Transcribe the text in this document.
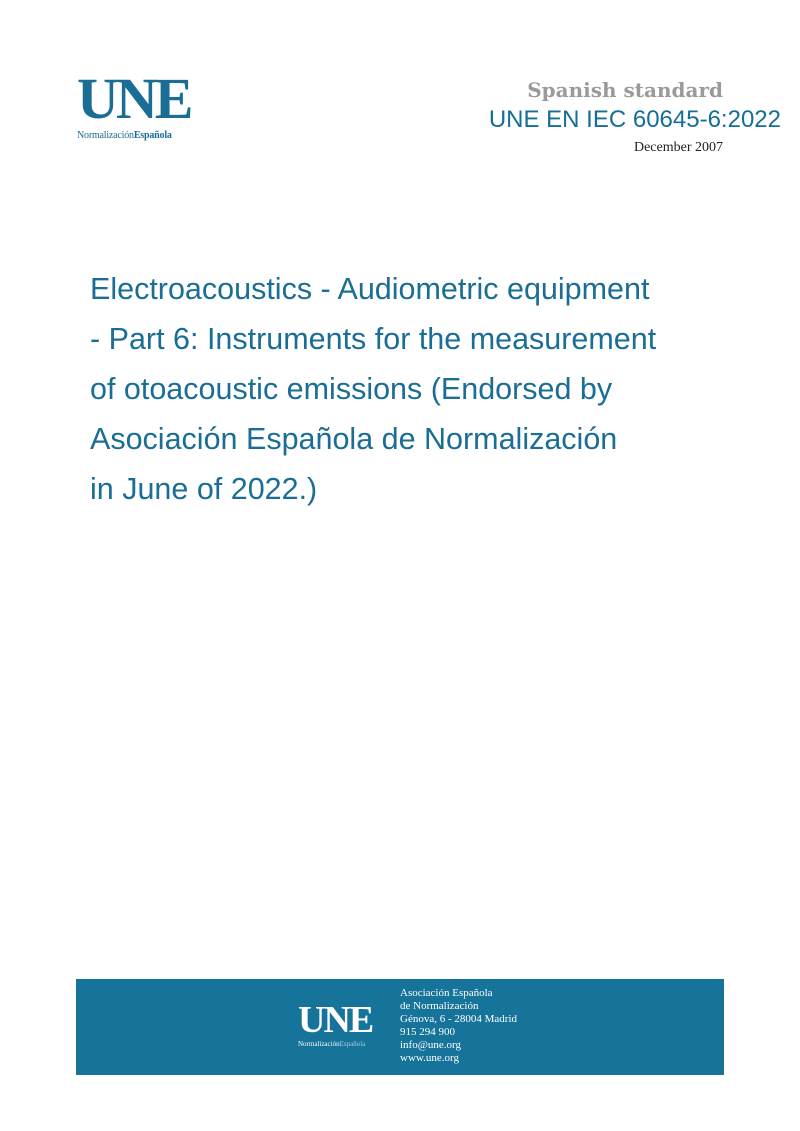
UNE
NormalizaciónEspañola
Spanish standard
UNE EN IEC 60645-6:2022
December 2007
Electroacoustics - Audiometric equipment
- Part 6: Instruments for the measurement
of otoacoustic emissions (Endorsed by
Asociación Española de Normalización
in June of 2022.)
UNE
NormalizaciónEspañola
Asociación Española
de Normalización
Génova, 6 - 28004 Madrid
915 294 900
info@une.org
www.une.org
